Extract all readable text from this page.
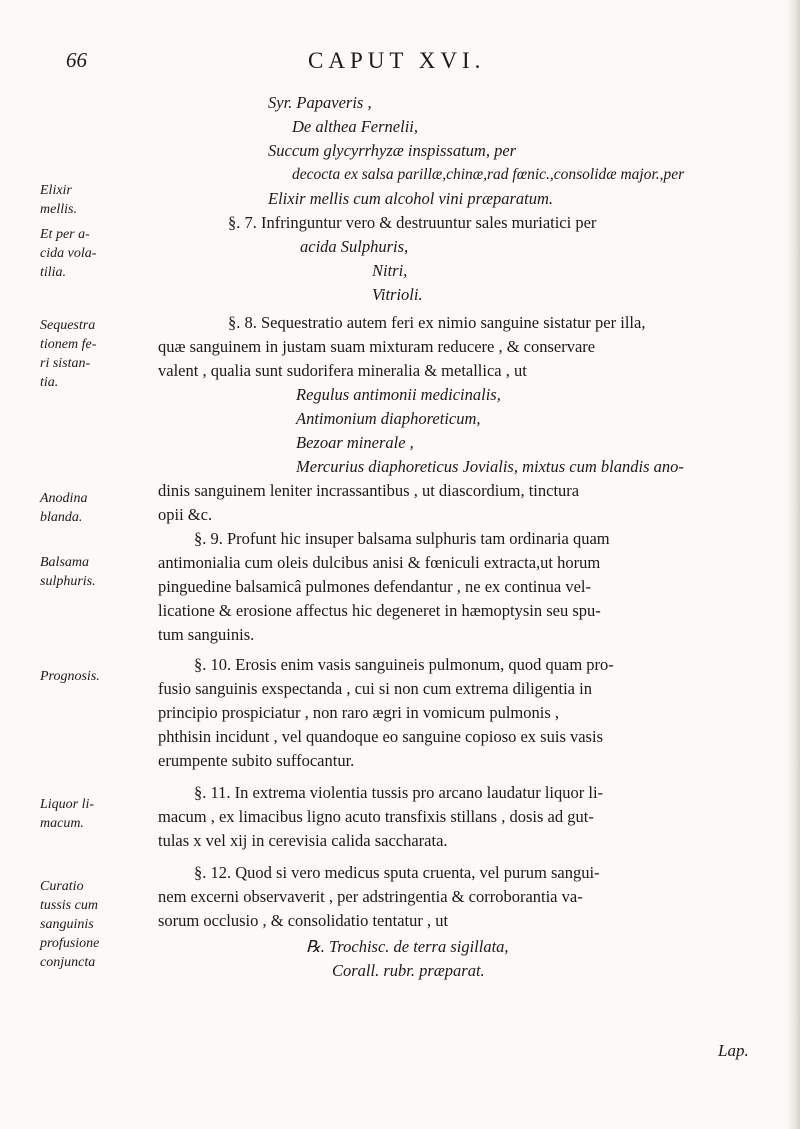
66	CAPUT XVI.
Syr. Papaveris ,
De althea Fernelii,
Succum glycyrrhyzæ inspissatum, per
decocta ex salsa parillæ,chinæ,rad fœnic.,consolidæ major.,per
Elixir mellis cum alcohol vini præparatum.
Elixir
mellis.
§. 7. Infringuntur vero & destruuntur sales muriatici per
acida Sulphuris,
Nitri,
Vitrioli.
Et per a-
cida vola-
tilia.
Sequestra
tionem fe-
ri sistan-
tia.
§. 8. Sequestratio autem feri ex nimio sanguine sistatur per illa,
quæ sanguinem in justam suam mixturam reducere , & conservare
valent , qualia sunt sudorifera mineralia & metallica , ut
Regulus antimonii medicinalis,
Antimonium diaphoreticum,
Bezoar minerale ,
Mercurius diaphoreticus Jovialis, mixtus cum blandis ano-
dinis sanguinem leniter incrassantibus , ut diascordium, tinctura
opii &c.
Anodina
blanda.
Balsama
sulphuris.
§. 9. Profunt hic insuper balsama sulphuris tam ordinaria quam
antimonialia cum oleis dulcibus anisi & fœniculi extracta,ut horum
pinguedine balsamicâ pulmones defendantur , ne ex continua vel-
licatione & erosione affectus hic degeneret in hæmoptysin seu spu-
tum sanguinis.
Prognosis.
§. 10. Erosis enim vasis sanguineis pulmonum, quod quam pro-
fusio sanguinis exspectanda , cui si non cum extrema diligentia in
principio prospiciatur , non raro ægri in vomicum pulmonis ,
phthisin incidunt , vel quandoque eo sanguine copioso ex suis vasis
erumpente subito suffocantur.
Liquor li-
macum.
§. 11. In extrema violentia tussis pro arcano laudatur liquor li-
macum , ex limacibus ligno acuto transfixis stillans , dosis ad gut-
tulas x vel xij in cerevisia calida saccharata.
Curatio
tussis cum
sanguinis
profusione
conjuncta
§. 12. Quod si vero medicus sputa cruenta, vel purum sangui-
nem excerni observaverit , per adstringentia & corroborantia va-
sorum occlusio , & consolidatio tentatur , ut
℞. Trochisc. de terra sigillata,
Corall. rubr. præparat.
Lap.
